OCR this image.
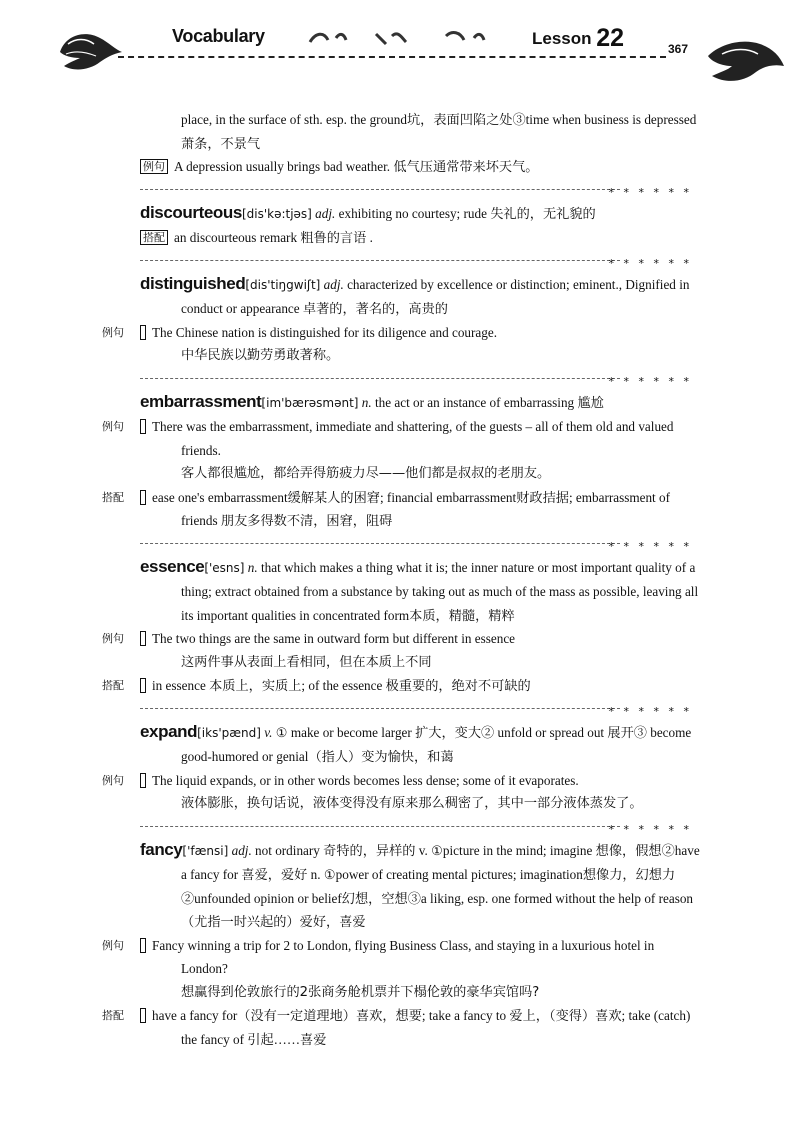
Vocabulary	Lesson 22	367

place, in the surface of sth. esp. the ground坑，表面凹陷之处③time when business is depressed萧条，不景气

例句 A depression usually brings bad weather. 低气压通常带来坏天气。

* * * * * *

discourteous[dis'kə:tjəs] adj. exhibiting no courtesy; rude 失礼的，无礼貌的

搭配 an discourteous remark 粗鲁的言语 .

* * * * * *

distinguished[dis'tiŋgwiʃt] adj. characterized by excellence or distinction; eminent., Dignified in conduct or appearance 卓著的，著名的，高贵的

例句 The Chinese nation is distinguished for its diligence and courage.

中华民族以勤劳勇敢著称。

* * * * * *

embarrassment[im'bærəsmənt] n. the act or an instance of embarrassing 尴尬

例句 There was the embarrassment, immediate and shattering, of the guests – all of them old and valued friends.

客人都很尴尬，都给弄得筋疲力尽——他们都是叔叔的老朋友。

搭配 ease one's embarrassment缓解某人的困窘; financial embarrassment财政拮据; embarrassment of friends 朋友多得数不清，困窘，阻碍

* * * * * *

essence['esns] n. that which makes a thing what it is; the inner nature or most important quality of a thing; extract obtained from a substance by taking out as much of the mass as possible, leaving all its important qualities in concentrated form本质，精髓，精粹

例句 The two things are the same in outward form but different in essence

这两件事从表面上看相同，但在本质上不同

搭配 in essence 本质上，实质上; of the essence 极重要的，绝对不可缺的

* * * * * *

expand[iks'pænd] v. ① make or become larger 扩大，变大② unfold or spread out 展开③ become good-humored or genial（指人）变为愉快，和蔼

例句 The liquid expands, or in other words becomes less dense; some of it evaporates.

液体膨胀，换句话说，液体变得没有原来那么稠密了，其中一部分液体蒸发了。

* * * * * *

fancy['fænsi] adj. not ordinary 奇特的，异样的 v. ①picture in the mind; imagine 想像，假想②have a fancy for 喜爱，爱好 n. ①power of creating mental pictures; imagination想像力，幻想力②unfounded opinion or belief幻想，空想③a liking, esp. one formed without the help of reason（尤指一时兴起的）爱好，喜爱

例句 Fancy winning a trip for 2 to London, flying Business Class, and staying in a luxurious hotel in London?

想赢得到伦敦旅行的2张商务舱机票并下榻伦敦的豪华宾馆吗?

搭配 have a fancy for（没有一定道理地）喜欢，想要; take a fancy to 爱上，（变得）喜欢; take (catch) the fancy of 引起……喜爱
